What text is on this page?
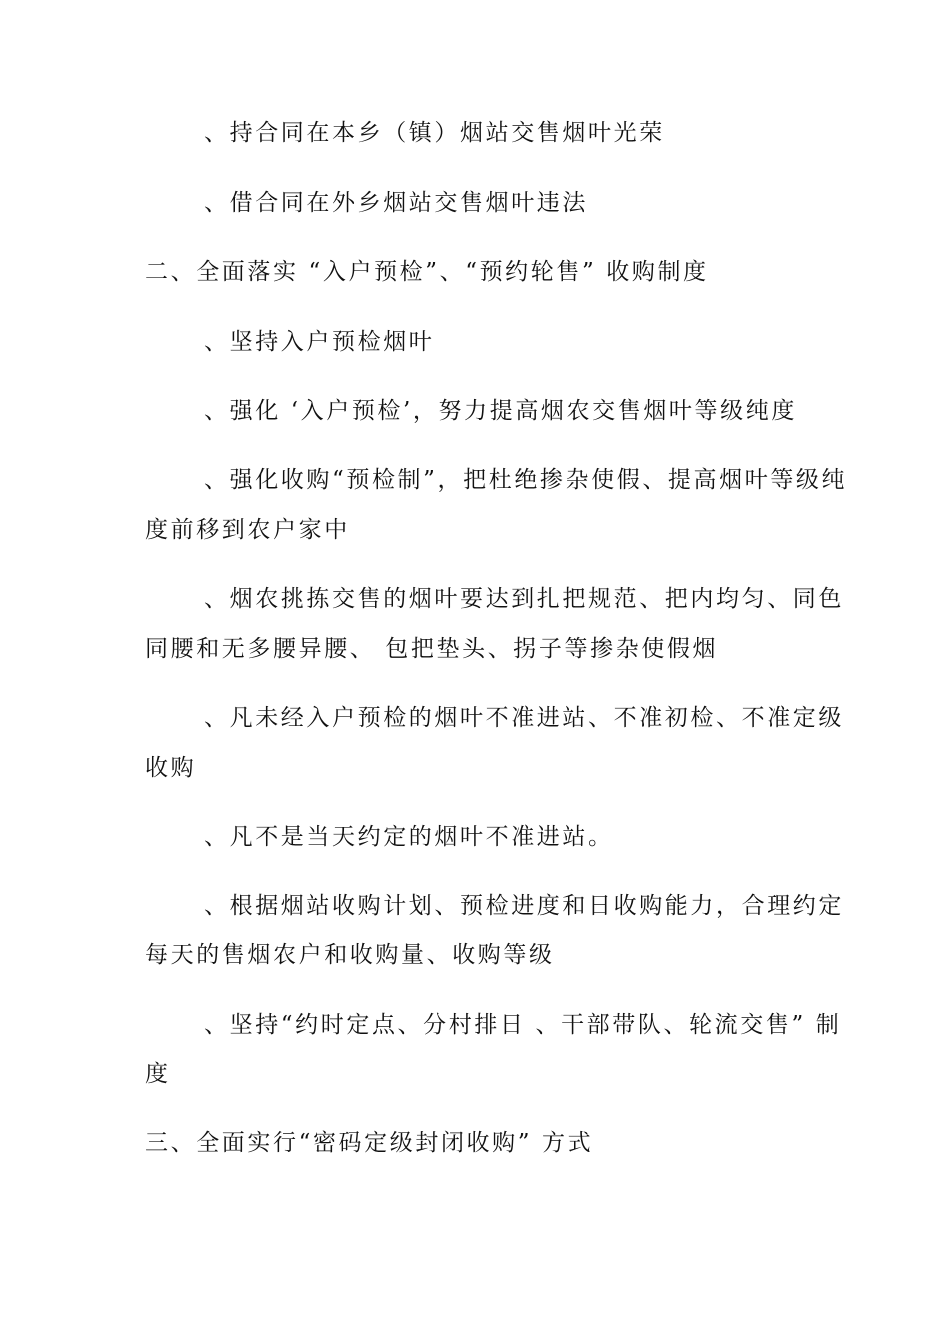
、持合同在本乡（镇）烟站交售烟叶光荣
、借合同在外乡烟站交售烟叶违法
二、全面落实 “入户预检”、“预约轮售” 收购制度
、坚持入户预检烟叶
、强化 ‘入户预检’，努力提高烟农交售烟叶等级纯度
、强化收购“预检制”，把杜绝掺杂使假、提高烟叶等级纯
度前移到农户家中
、烟农挑拣交售的烟叶要达到扎把规范、把内均匀、同色
同腰和无多腰异腰、 包把垫头、拐子等掺杂使假烟
、凡未经入户预检的烟叶不准进站、不准初检、不准定级
收购
、凡不是当天约定的烟叶不准进站。
、根据烟站收购计划、预检进度和日收购能力，合理约定
每天的售烟农户和收购量、收购等级
、坚持“约时定点、分村排日 、干部带队、轮流交售” 制
度
三、全面实行“密码定级封闭收购” 方式
